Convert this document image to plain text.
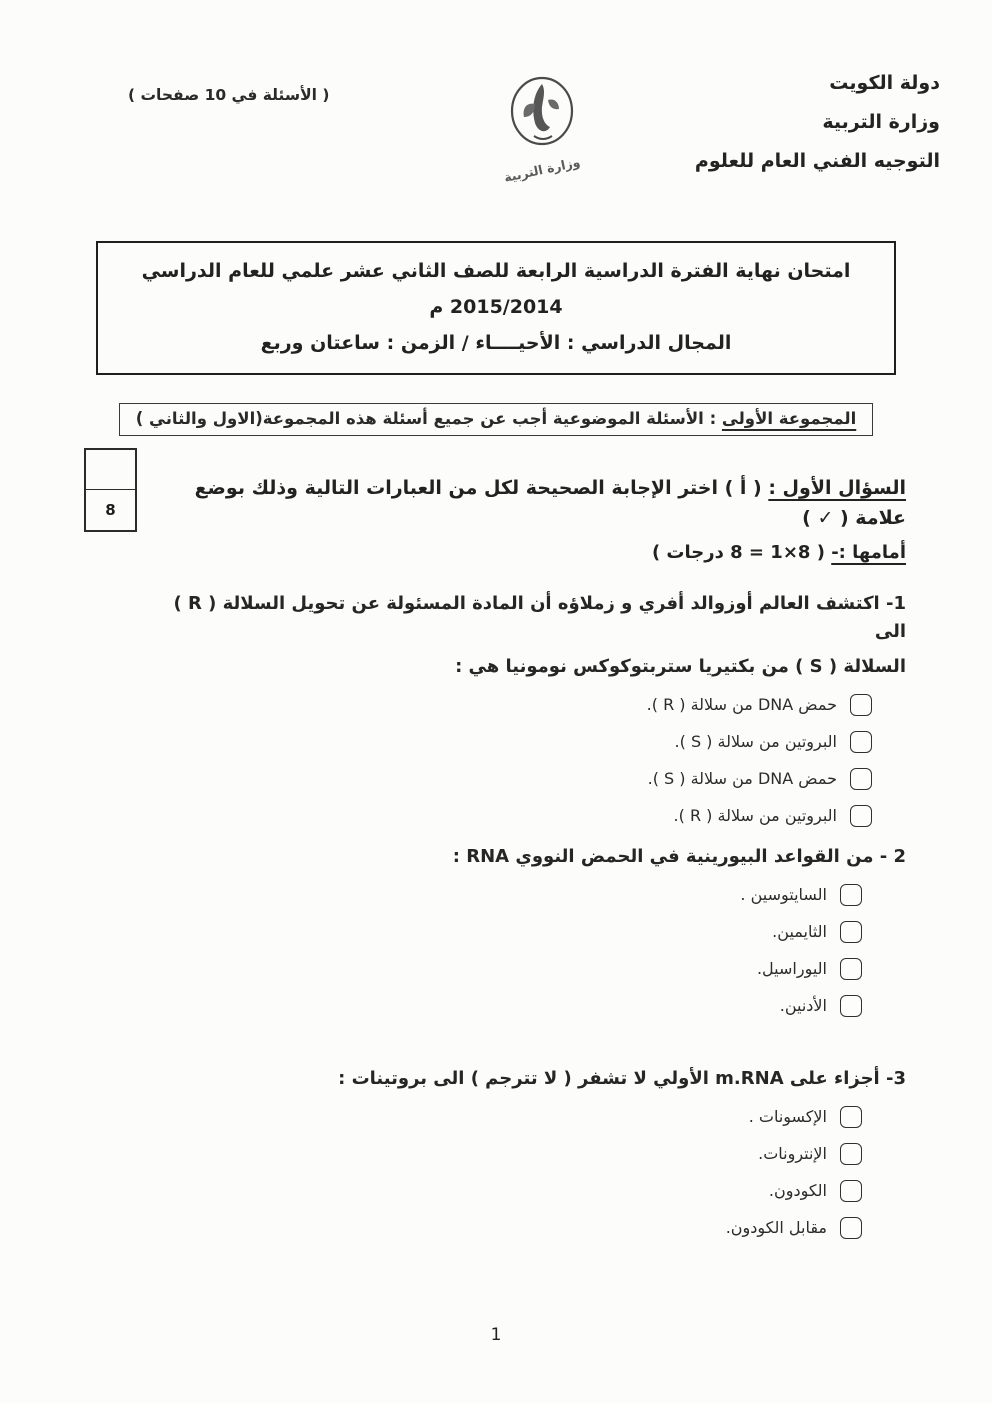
دولة الكويت
وزارة التربية
التوجيه الفني العام للعلوم
وزارة التربية
( الأسئلة في 10 صفحات )
امتحان نهاية الفترة الدراسية الرابعة للصف الثاني عشر علمي للعام الدراسي 2015/2014 م
المجال الدراسي : الأحيــــاء / الزمن : ساعتان وربع
المجموعة الأولى : الأسئلة الموضوعية أجب عن جميع أسئلة هذه المجموعة(الاول والثاني )
8

السؤال الأول : ( أ ) اختر الإجابة الصحيحة لكل من العبارات التالية وذلك بوضع علامة ( ✓ )

أمامها :- ( 8×1 = 8 درجات )

1- اكتشف العالم أوزوالد أفري و زملاؤه أن المادة المسئولة عن تحويل السلالة ( R ) الى

السلالة ( S ) من بكتيريا ستربتوكوكس نومونيا هي :

حمض DNA من سلالة ( R ).
البروتين من سلالة ( S ).
حمض DNA من سلالة ( S ).
البروتين من سلالة ( R ).

2 - من القواعد البيورينية في الحمض النووي RNA :

السايتوسين .
الثايمين.
اليوراسيل.
الأدنين.

3- أجزاء على m.RNA الأولي لا تشفر ( لا تترجم ) الى بروتينات :

الإكسونات .
الإنترونات.
الكودون.
مقابل الكودون.
1
